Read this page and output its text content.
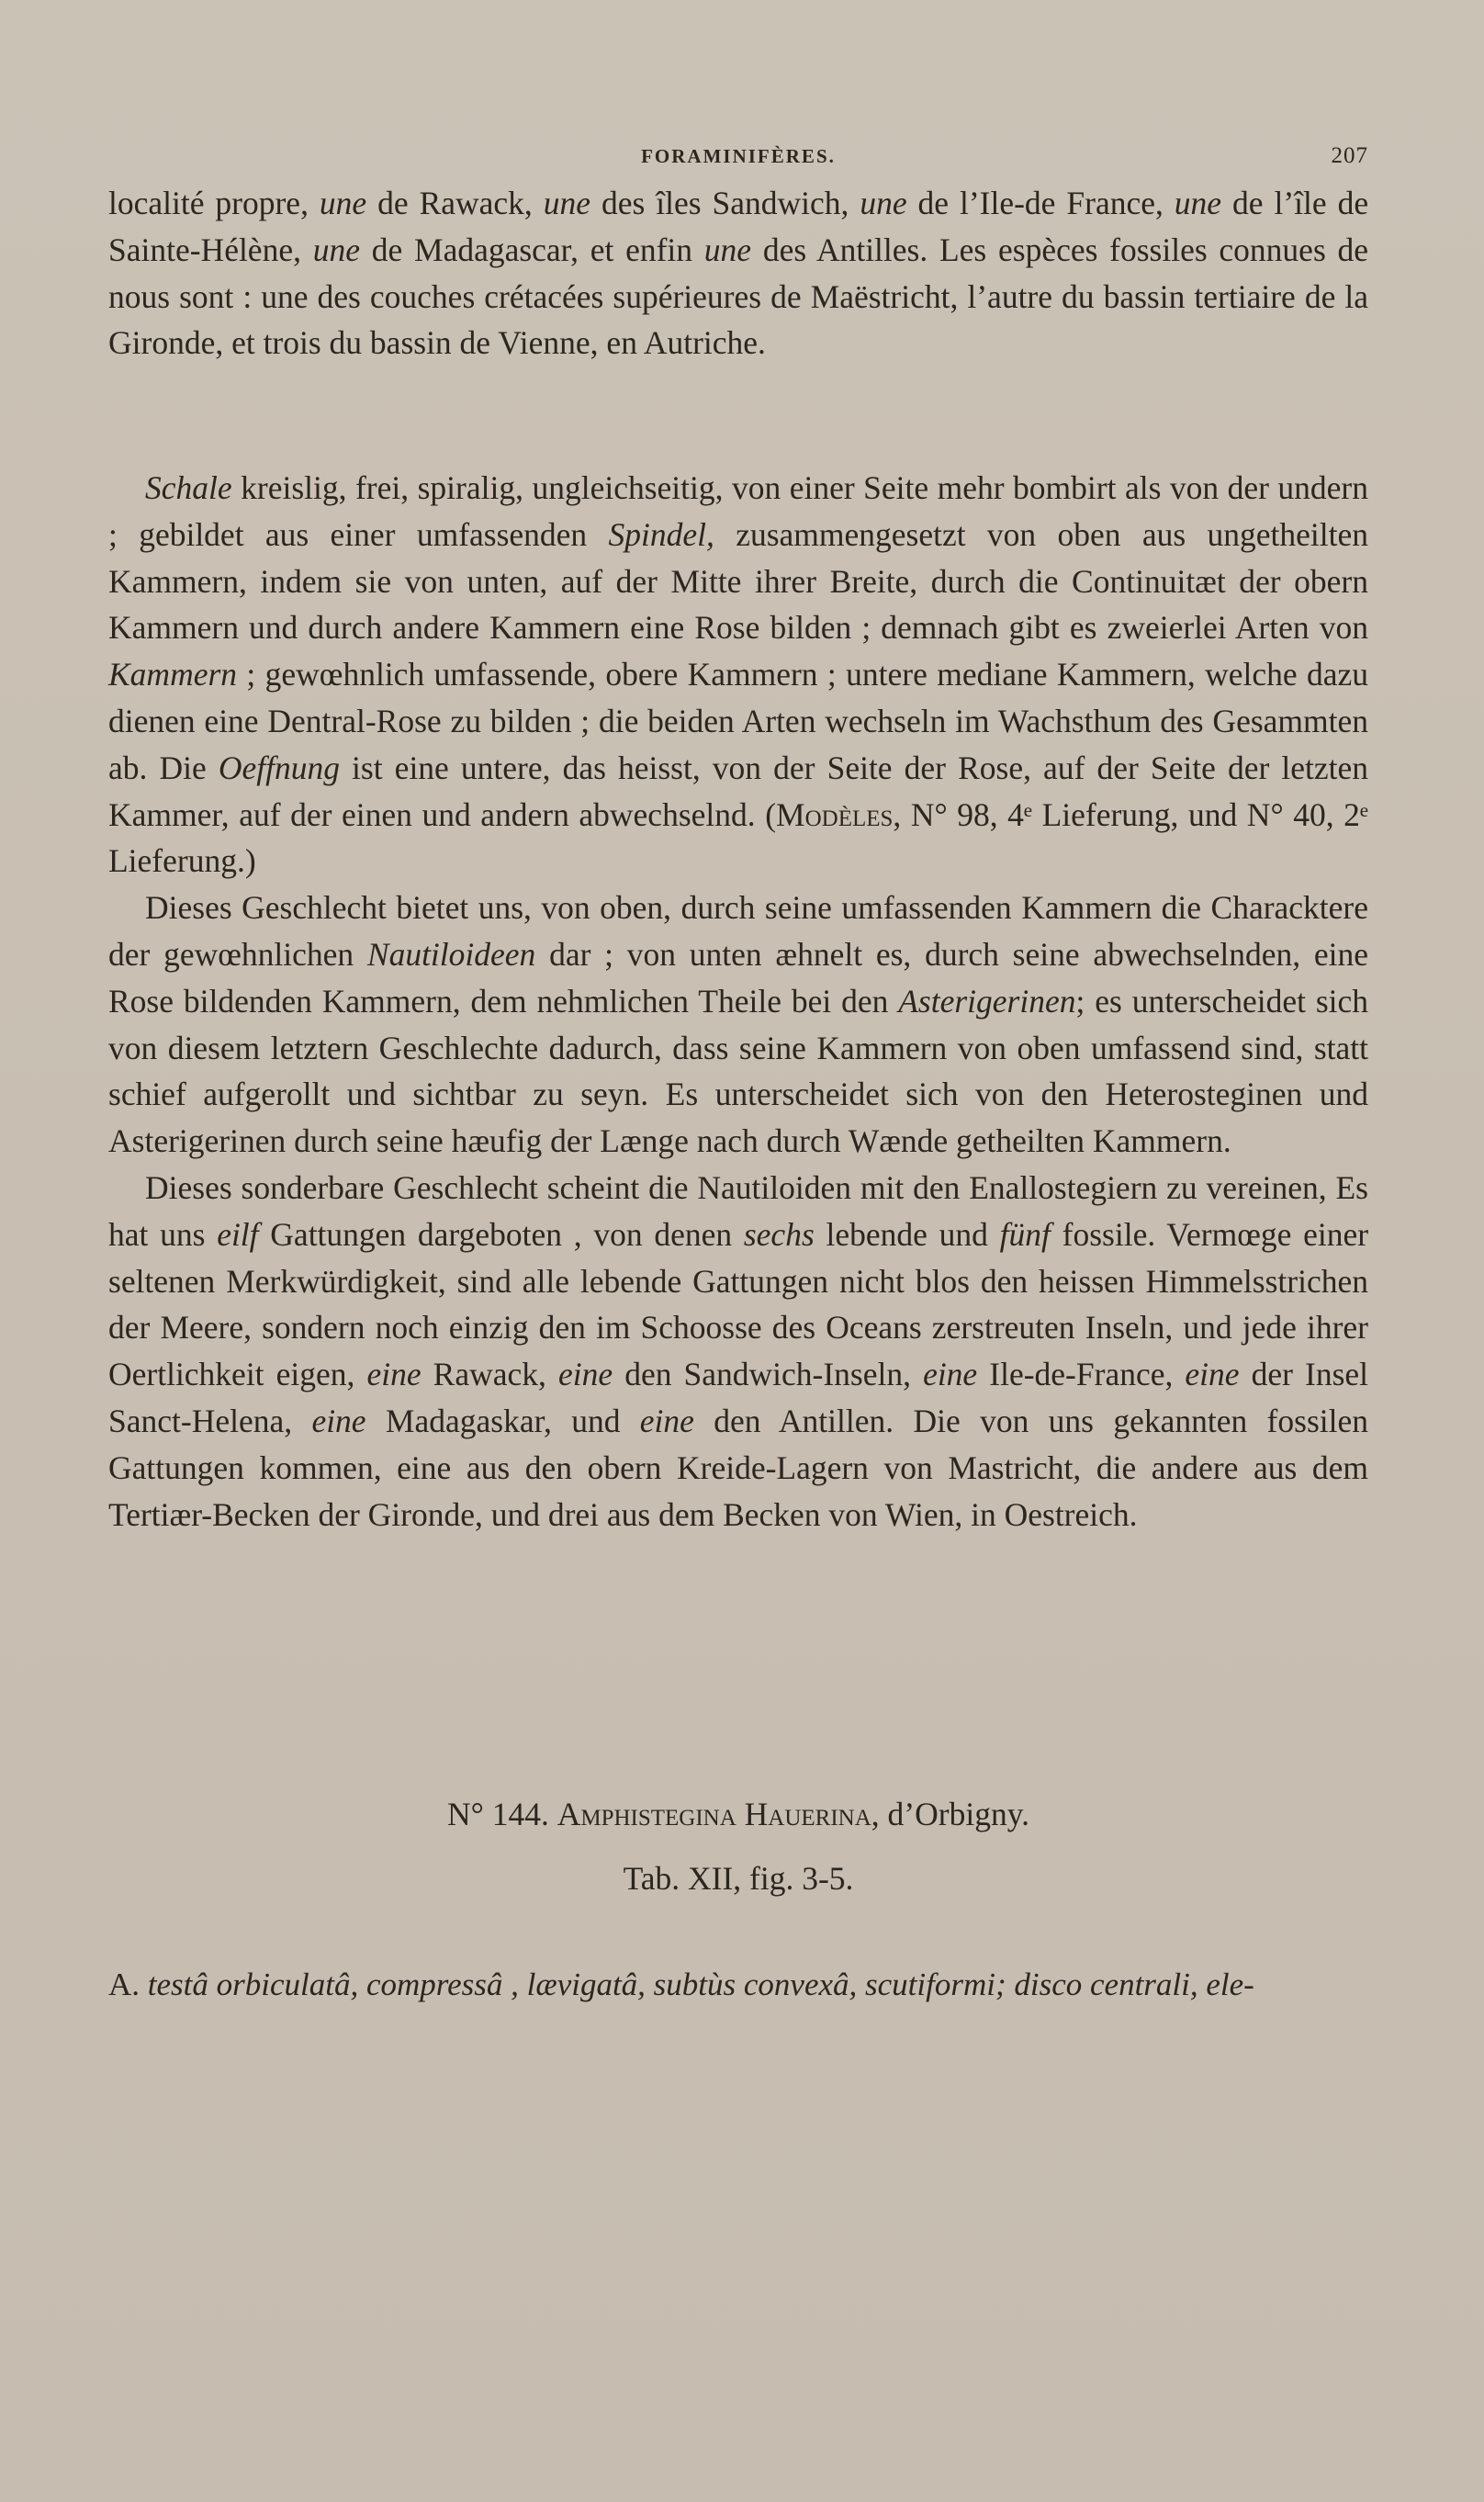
FORAMINIFÈRES.	207

localité propre, une de Rawack, une des îles Sandwich, une de l’Ile-de France, une de l’île de Sainte-Hélène, une de Madagascar, et enfin une des Antilles. Les espèces fossiles connues de nous sont : une des couches crétacées supérieures de Maëstricht, l’autre du bassin tertiaire de la Gironde, et trois du bassin de Vienne, en Autriche.

Schale kreislig, frei, spiralig, ungleichseitig, von einer Seite mehr bombirt als von der undern ; gebildet aus einer umfassenden Spindel, zusammengesetzt von oben aus ungetheilten Kammern, indem sie von unten, auf der Mitte ihrer Breite, durch die Continuitæt der obern Kammern und durch andere Kammern eine Rose bilden ; demnach gibt es zweierlei Arten von Kammern ; gewœhnlich umfassende, obere Kammern ; untere mediane Kammern, welche dazu dienen eine Dentral-Rose zu bilden ; die beiden Arten wechseln im Wachsthum des Gesammten ab. Die Oeffnung ist eine untere, das heisst, von der Seite der Rose, auf der Seite der letzten Kammer, auf der einen und andern abwechselnd. (Modèles, N° 98, 4ᵉ Lieferung, und N° 40, 2ᵉ Lieferung.)

Dieses Geschlecht bietet uns, von oben, durch seine umfassenden Kammern die Characktere der gewœhnlichen Nautiloideen dar ; von unten æhnelt es, durch seine abwechselnden, eine Rose bildenden Kammern, dem nehmlichen Theile bei den Asterigerinen; es unterscheidet sich von diesem letztern Geschlechte dadurch, dass seine Kammern von oben umfassend sind, statt schief aufgerollt und sichtbar zu seyn. Es unterscheidet sich von den Heterosteginen und Asterigerinen durch seine hæufig der Længe nach durch Wænde getheilten Kammern.

Dieses sonderbare Geschlecht scheint die Nautiloiden mit den Enallostegiern zu vereinen, Es hat uns eilf Gattungen dargeboten , von denen sechs lebende und fünf fossile. Vermœge einer seltenen Merkwürdigkeit, sind alle lebende Gattungen nicht blos den heissen Himmelsstrichen der Meere, sondern noch einzig den im Schoosse des Oceans zerstreuten Inseln, und jede ihrer Oertlichkeit eigen, eine Rawack, eine den Sandwich-Inseln, eine Ile-de-France, eine der Insel Sanct-Helena, eine Madagaskar, und eine den Antillen. Die von uns gekannten fossilen Gattungen kommen, eine aus den obern Kreide-Lagern von Mastricht, die andere aus dem Tertiær-Becken der Gironde, und drei aus dem Becken von Wien, in Oestreich.

N° 144. Amphistegina Hauerina, d’Orbigny.
Tab. XII, fig. 3-5.
A. testâ orbiculatâ, compressâ , lævigatâ, subtùs convexâ, scutiformi; disco centrali, ele-
